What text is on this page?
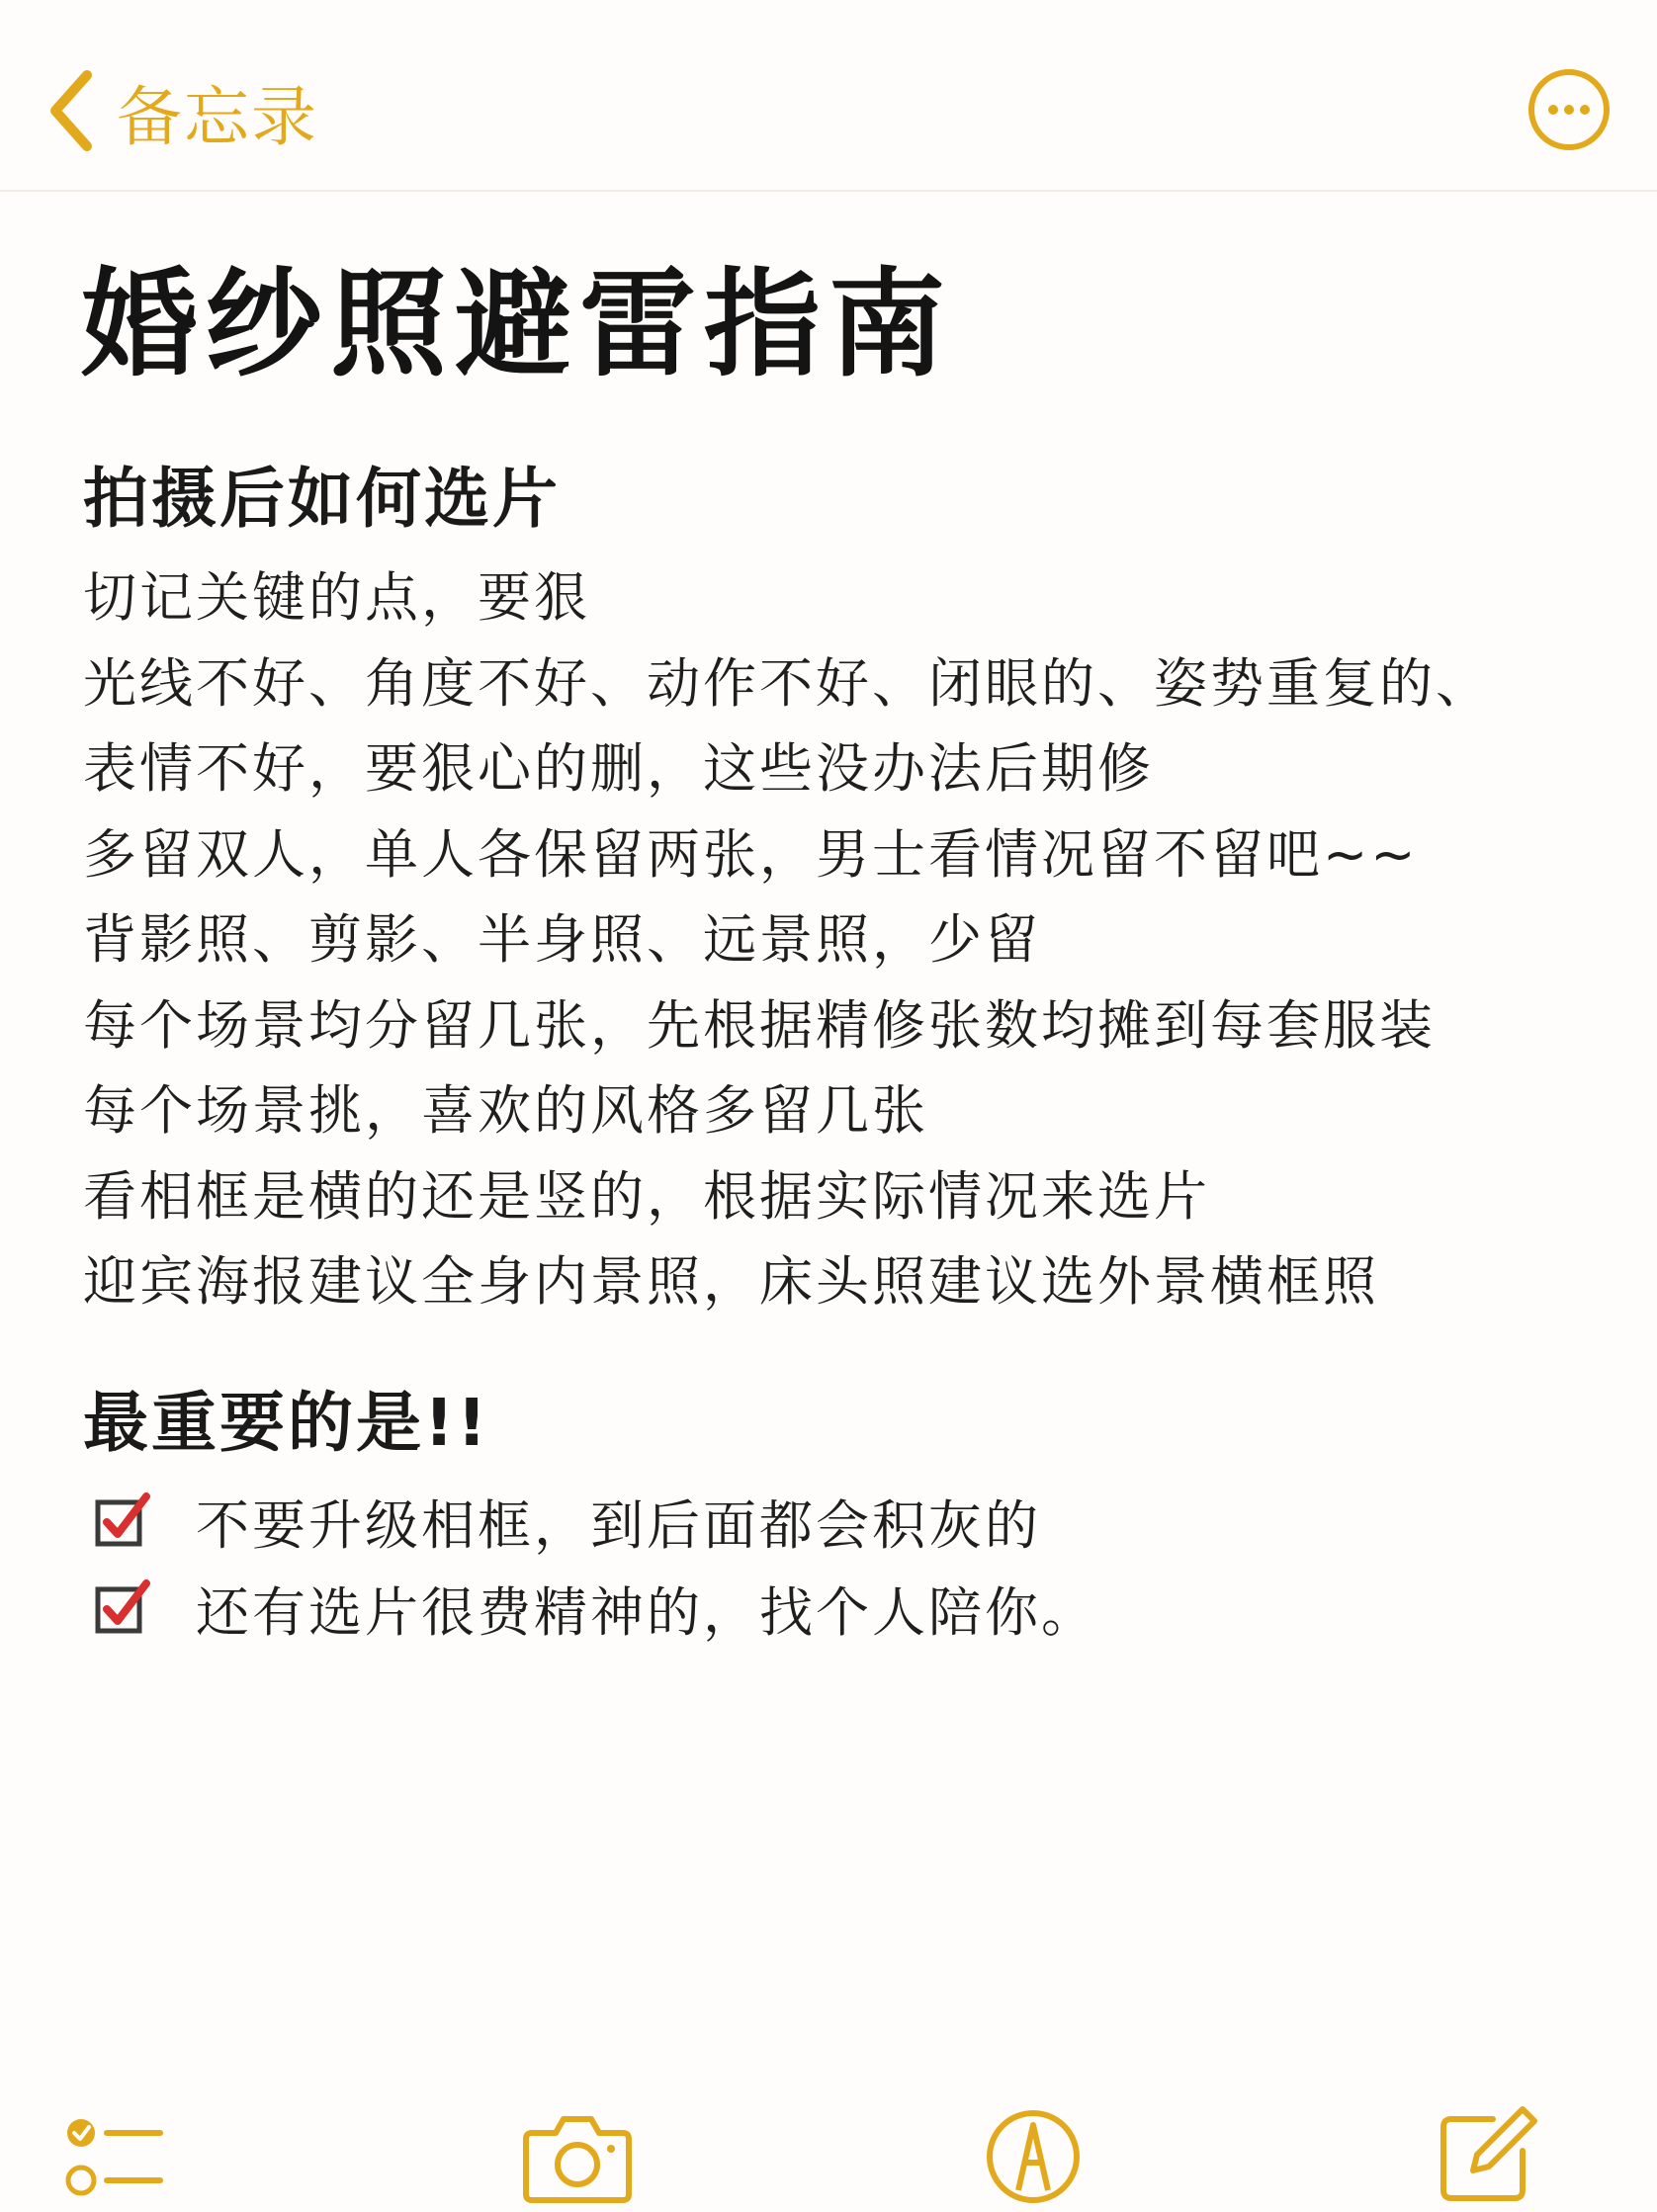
备忘录
婚纱照避雷指南
拍摄后如何选片
切记关键的点，要狠
光线不好、角度不好、动作不好、闭眼的、姿势重复的、
表情不好，要狠心的删，这些没办法后期修
多留双人，单人各保留两张，男士看情况留不留吧~~
背影照、剪影、半身照、远景照，少留
每个场景均分留几张，先根据精修张数均摊到每套服装
每个场景挑，喜欢的风格多留几张
看相框是横的还是竖的，根据实际情况来选片
迎宾海报建议全身内景照，床头照建议选外景横框照
最重要的是!!
不要升级相框，到后面都会积灰的
还有选片很费精神的，找个人陪你。
